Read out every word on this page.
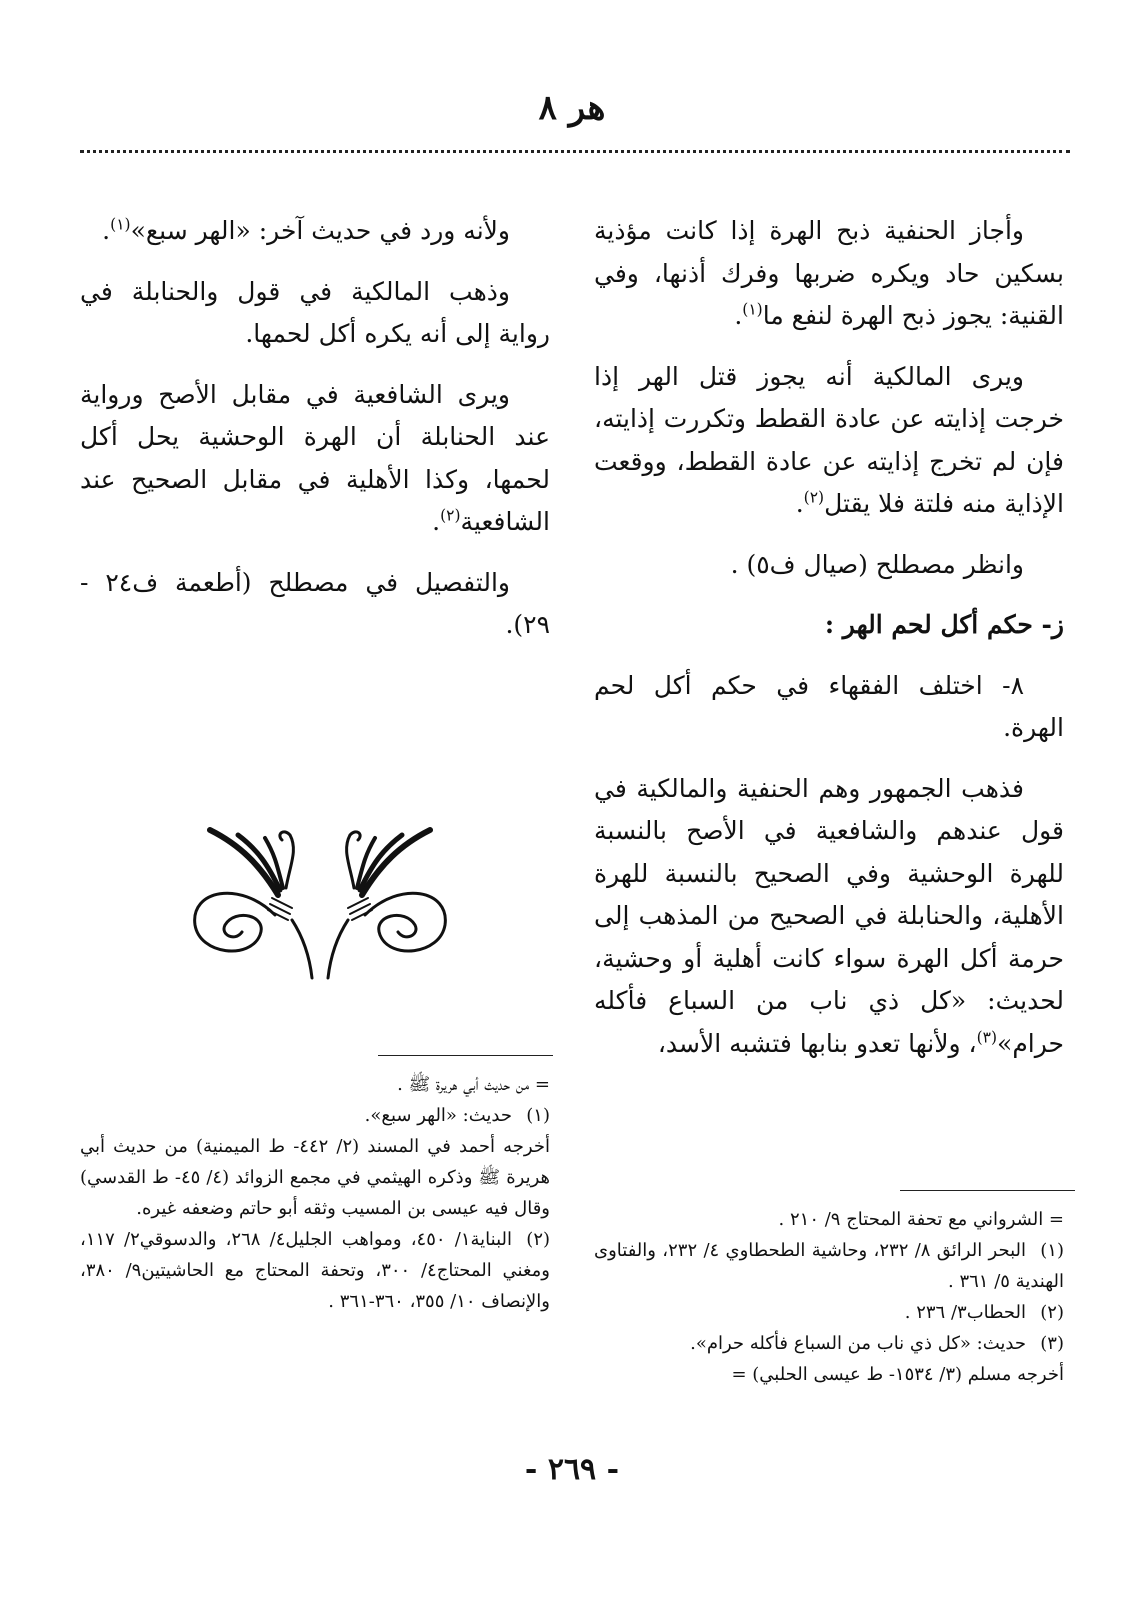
هر ٨

وأجاز الحنفية ذبح الهرة إذا كانت مؤذية بسكين حاد ويكره ضربها وفرك أذنها، وفي القنية: يجوز ذبح الهرة لنفع ما$^{(١)}$.

ويرى المالكية أنه يجوز قتل الهر إذا خرجت إذايته عن عادة القطط وتكررت إذايته، فإن لم تخرج إذايته عن عادة القطط، ووقعت الإذاية منه فلتة فلا يقتل$^{(٢)}$.

وانظر مصطلح (صيال ف٥) .

ز- حكم أكل لحم الهر :

٨- اختلف الفقهاء في حكم أكل لحم الهرة.

فذهب الجمهور وهم الحنفية والمالكية في قول عندهم والشافعية في الأصح بالنسبة للهرة الوحشية وفي الصحيح بالنسبة للهرة الأهلية، والحنابلة في الصحيح من المذهب إلى حرمة أكل الهرة سواء كانت أهلية أو وحشية، لحديث: «كل ذي ناب من السباع فأكله حرام»$^{(٣)}$، ولأنها تعدو بنابها فتشبه الأسد،

ولأنه ورد في حديث آخر: «الهر سبع»$^{(١)}$.

وذهب المالكية في قول والحنابلة في رواية إلى أنه يكره أكل لحمها.

ويرى الشافعية في مقابل الأصح ورواية عند الحنابلة أن الهرة الوحشية يحل أكل لحمها، وكذا الأهلية في مقابل الصحيح عند الشافعية$^{(٢)}$.

والتفصيل في مصطلح (أطعمة ف٢٤ - ٢٩).

= من حديث أبي هريرة ﷺ .

(١)حديث: «الهر سبع».

أخرجه أحمد في المسند (٢/ ٤٤٢- ط الميمنية) من حديث أبي هريرة ﷺ وذكره الهيثمي في مجمع الزوائد (٤/ ٤٥- ط القدسي) وقال فيه عيسى بن المسيب وثقه أبو حاتم وضعفه غيره.

(٢)البناية١/ ٤٥٠، ومواهب الجليل٤/ ٢٦٨، والدسوقي٢/ ١١٧، ومغني المحتاج٤/ ٣٠٠، وتحفة المحتاج مع الحاشيتين٩/ ٣٨٠، والإنصاف ١٠/ ٣٥٥، ٣٦٠-٣٦١ .

= الشرواني مع تحفة المحتاج ٩/ ٢١٠ .

(١)البحر الرائق ٨/ ٢٣٢، وحاشية الطحطاوي ٤/ ٢٣٢، والفتاوى الهندية ٥/ ٣٦١ .

(٢)الحطاب٣/ ٢٣٦ .

(٣)حديث: «كل ذي ناب من السباع فأكله حرام».

أخرجه مسلم (٣/ ١٥٣٤- ط عيسى الحلبي) =

- ٢٦٩ -
